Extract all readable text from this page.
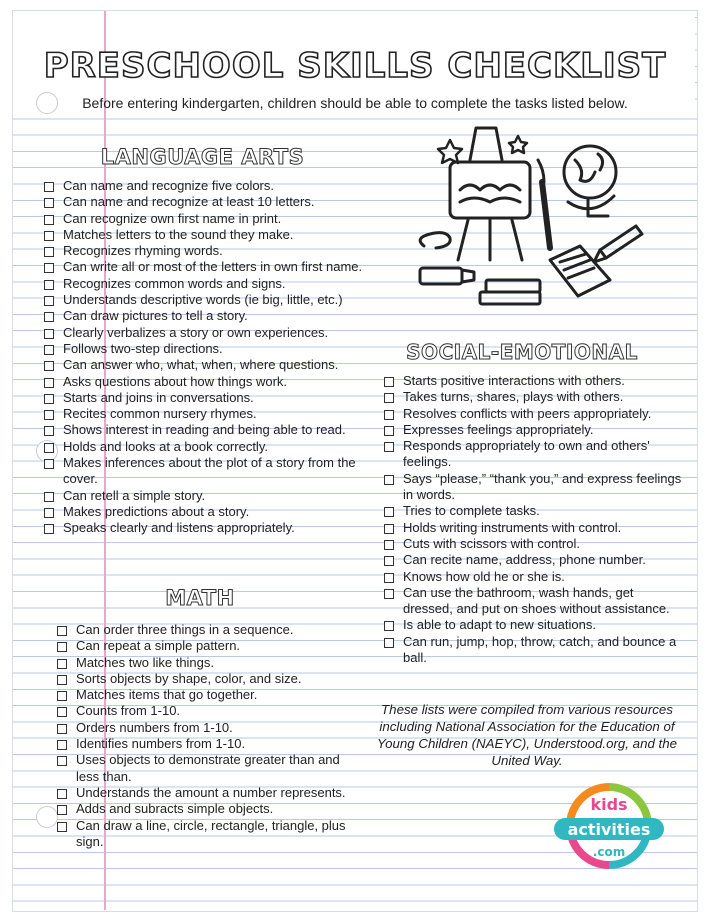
PRESCHOOL SKILLS CHECKLIST
Before entering kindergarten, children should be able to complete the tasks listed below.
LANGUAGE ARTS
Can name and recognize five colors.
Can name and recognize at least 10 letters.
Can recognize own first name in print.
Matches letters to the sound they make.
Recognizes rhyming words.
Can write all or most of the letters in own first name.
Recognizes common words and signs.
Understands descriptive words (ie big, little, etc.)
Can draw pictures to tell a story.
Clearly verbalizes a story or own experiences.
Follows two-step directions.
Can answer who, what, when, where questions.
Asks questions about how things work.
Starts and joins in conversations.
Recites common nursery rhymes.
Shows interest in reading and being able to read.
Holds and looks at a book correctly.
Makes inferences about the plot of a story from the cover.
Can retell a simple story.
Makes predictions about a story.
Speaks clearly and listens appropriately.
MATH
Can order three things in a sequence.
Can repeat a simple pattern.
Matches two like things.
Sorts objects by shape, color, and size.
Matches items that go together.
Counts from 1-10.
Orders numbers from 1-10.
Identifies numbers from 1-10.
Uses objects to demonstrate greater than and less than.
Understands the amount a number represents.
Adds and subracts simple objects.
Can draw a line, circle, rectangle, triangle, plus sign.
SOCIAL-EMOTIONAL
Starts positive interactions with others.
Takes turns, shares, plays with others.
Resolves conflicts with peers appropriately.
Expresses feelings appropriately.
Responds appropriately to own and others' feelings.
Says “please,” “thank you,” and express feelings in words.
Tries to complete tasks.
Holds writing instruments with control.
Cuts with scissors with control.
Can recite name, address, phone number.
Knows how old he or she is.
Can use the bathroom, wash hands, get dressed, and put on shoes without assistance.
Is able to adapt to new situations.
Can run, jump, hop, throw, catch, and bounce a ball.
These lists were compiled from various resources including National Association for the Education of Young Children (NAEYC), Understood.org, and the United Way.
kids
activities
.com
